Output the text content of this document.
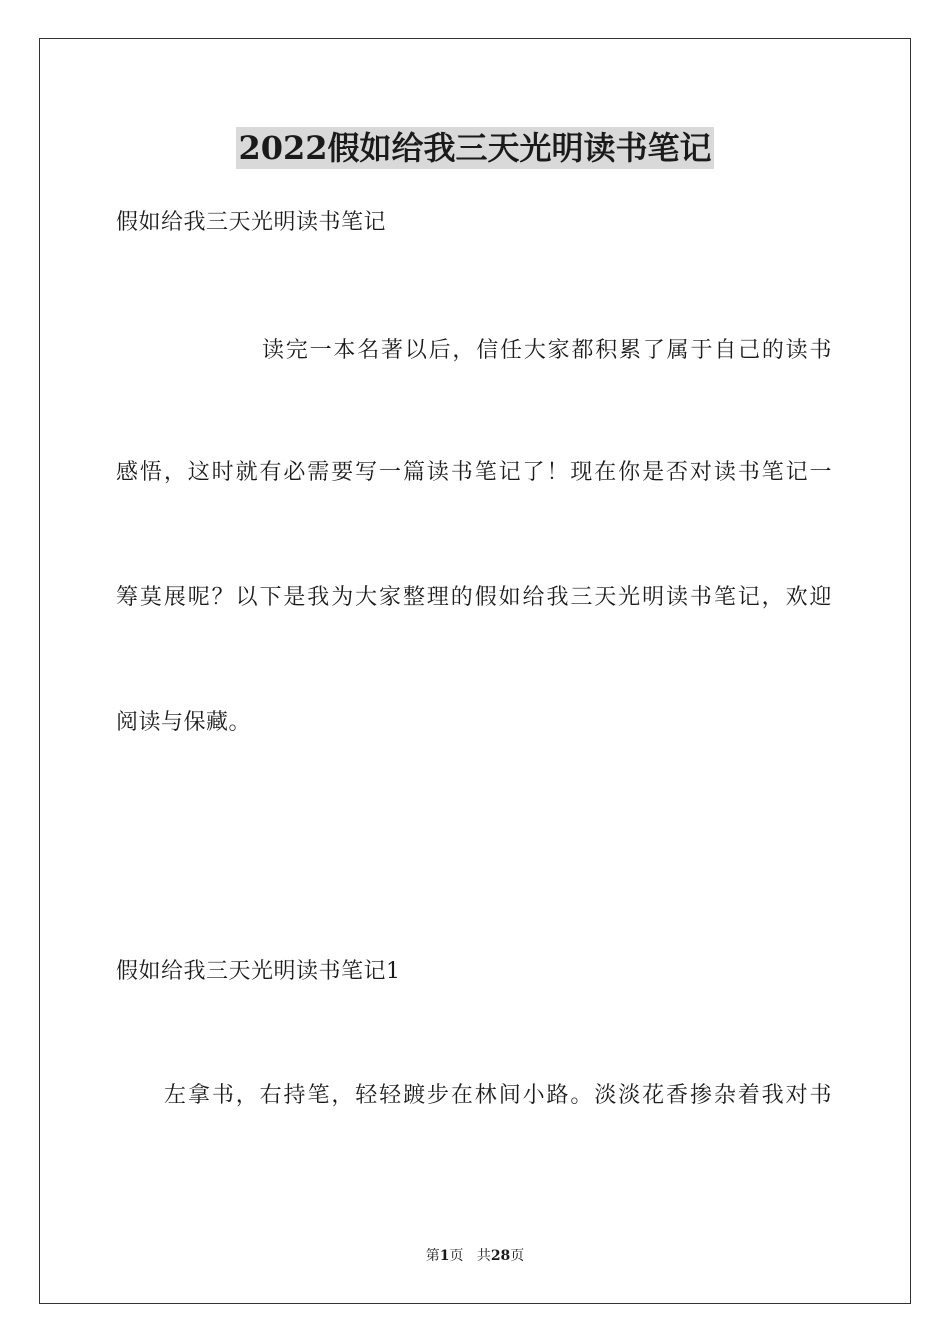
2022假如给我三天光明读书笔记
假如给我三天光明读书笔记
读完一本名著以后，信任大家都积累了属于自己的读书
感悟，这时就有必需要写一篇读书笔记了！现在你是否对读书笔记一
筹莫展呢？以下是我为大家整理的假如给我三天光明读书笔记，欢迎
阅读与保藏。
假如给我三天光明读书笔记1
左拿书，右持笔，轻轻踱步在林间小路。淡淡花香掺杂着我对书
第1页 共28页
